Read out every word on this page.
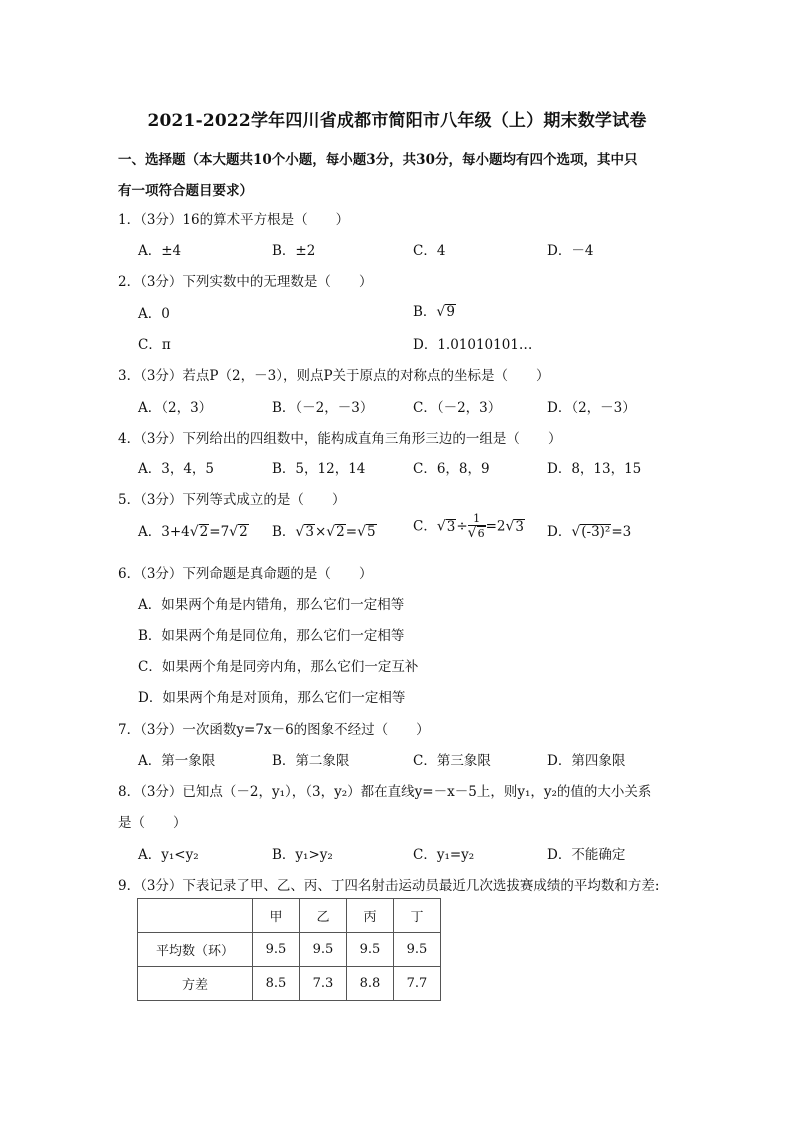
2021-2022学年四川省成都市简阳市八年级（上）期末数学试卷
一、选择题（本大题共10个小题，每小题3分，共30分，每小题均有四个选项，其中只
有一项符合题目要求）
1．（3分）16的算术平方根是（ ）
A．±4	B．±2	C．4	D．－4
2．（3分）下列实数中的无理数是（ ）
A．0	B．√9
C．π	D．1.01010101…
3．（3分）若点P（2，－3），则点P关于原点的对称点的坐标是（ ）
A．（2，3）	B．（－2，－3）	C．（－2，3）	D．（2，－3）
4．（3分）下列给出的四组数中，能构成直角三角形三边的一组是（ ）
A．3，4，5	B．5，12，14	C．6，8，9	D．8，13，15
5．（3分）下列等式成立的是（ ）
A．3+4√2=7√2 B．√3×√2=√5	C．$√3\div \frac{1}{√6} =2√3$ D．√(-3)²=3
6．（3分）下列命题是真命题的是（ ）
A．如果两个角是内错角，那么它们一定相等
B．如果两个角是同位角，那么它们一定相等
C．如果两个角是同旁内角，那么它们一定互补
D．如果两个角是对顶角，那么它们一定相等
7．（3分）一次函数y=7x－6的图象不经过（ ）
A．第一象限	B．第二象限	C．第三象限	D．第四象限
8．（3分）已知点（－2，y₁），（3，y₂）都在直线y=－x－5上，则y₁，y₂的值的大小关系
是（ ）
A．y₁<y₂	B．y₁>y₂	C．y₁=y₂	D．不能确定
9．（3分）下表记录了甲、乙、丙、丁四名射击运动员最近几次选拔赛成绩的平均数和方差:
	甲	乙	丙	丁
平均数（环）	9.5	9.5	9.5	9.5
方差	8.5	7.3	8.8	7.7
